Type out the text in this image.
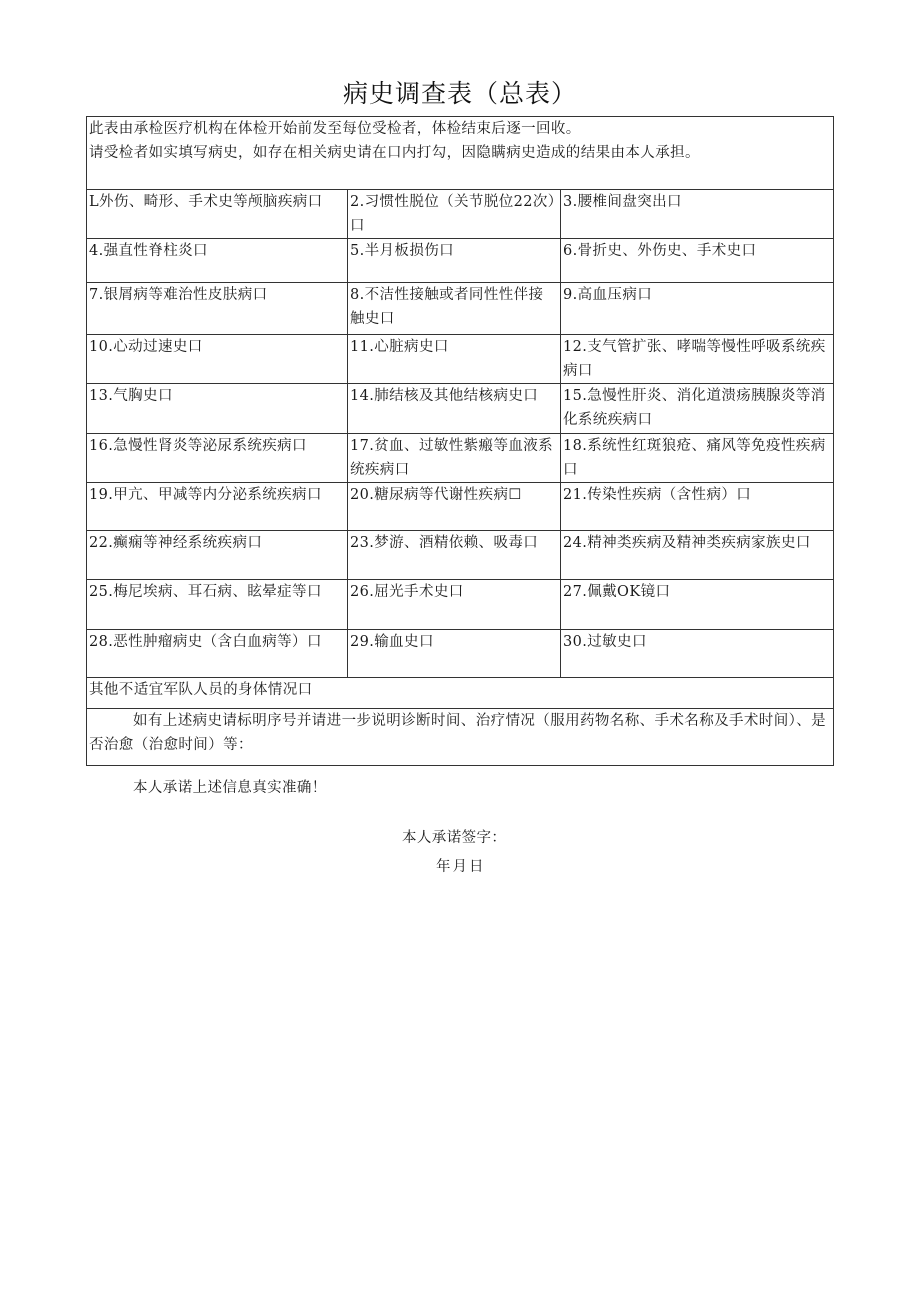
病史调查表（总表）
此表由承检医疗机构在体检开始前发至每位受检者，体检结束后逐一回收。
请受检者如实填写病史，如存在相关病史请在口内打勾，因隐瞒病史造成的结果由本人承担。		

L外伤、畸形、手术史等颅脑疾病口	2.习惯性脱位（关节脱位22次）口	3.腰椎间盘突出口
4.强直性脊柱炎口	5.半月板损伤口	6.骨折史、外伤史、手术史口
7.银屑病等难治性皮肤病口	8.不洁性接触或者同性性伴接触史口	9.高血压病口
10.心动过速史口	11.心脏病史口	12.支气管扩张、哮喘等慢性呼吸系统疾病口
13.气胸史口	14.肺结核及其他结核病史口	15.急慢性肝炎、消化道溃疡胰腺炎等消化系统疾病口
16.急慢性肾炎等泌尿系统疾病口	17.贫血、过敏性紫瘢等血液系统疾病口	18.系统性红斑狼疮、痛风等免疫性疾病口
19.甲亢、甲减等内分泌系统疾病口	20.糖尿病等代谢性疾病☐	21.传染性疾病（含性病）口
22.癫痫等神经系统疾病口	23.梦游、酒精依赖、吸毒口	24.精神类疾病及精神类疾病家族史口
25.梅尼埃病、耳石病、眩晕症等口	26.屈光手术史口	27.佩戴OK镜口
28.恶性肿瘤病史（含白血病等）口	29.输血史口	30.过敏史口
其他不适宜军队人员的身体情况口		
如有上述病史请标明序号并请进一步说明诊断时间、治疗情况（服用药物名称、手术名称及手术时间）、是否治愈（治愈时间）等：		
本人承诺上述信息真实准确！
本人承诺签字：
年月日
